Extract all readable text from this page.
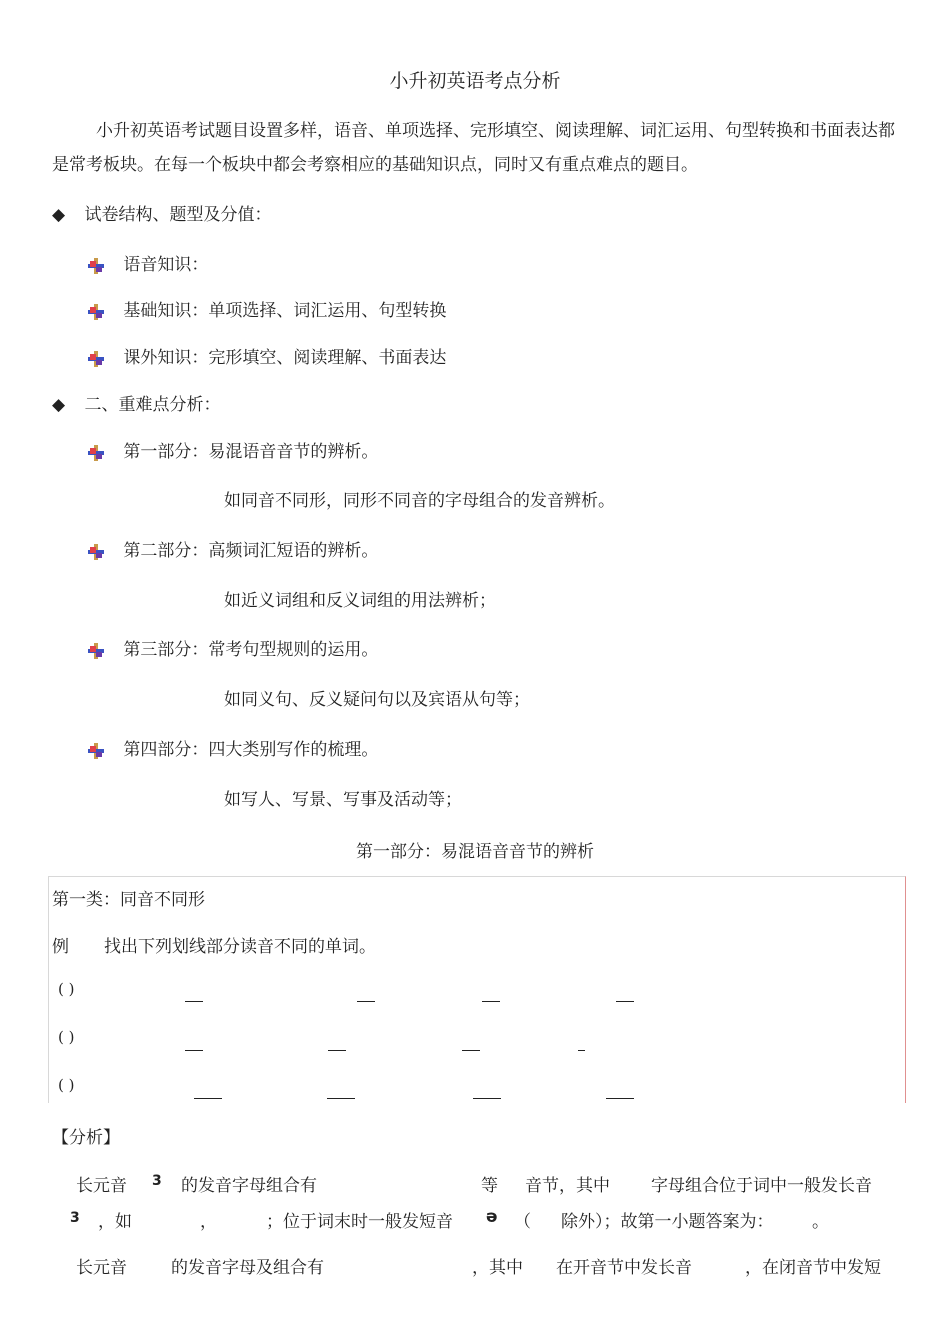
小升初英语考点分析
小升初英语考试题目设置多样，语音、单项选择、完形填空、阅读理解、词汇运用、句型转换和书面表达都是常考板块。在每一个板块中都会考察相应的基础知识点，同时又有重点难点的题目。
◆ 试卷结构、题型及分值：
语音知识：
基础知识：单项选择、词汇运用、句型转换
课外知识：完形填空、阅读理解、书面表达
◆ 二、重难点分析：
第一部分：易混语音音节的辨析。
如同音不同形，同形不同音的字母组合的发音辨析。
第二部分：高频词汇短语的辨析。
如近义词组和反义词组的用法辨析；
第三部分：常考句型规则的运用。
如同义句、反义疑问句以及宾语从句等；
第四部分：四大类别写作的梳理。
如写人、写景、写事及活动等；
第一部分：易混语音音节的辨析
第一类：同音不同形
例 找出下列划线部分读音不同的单词。
( )
( )
( )
【分析】
长元音 3 的发音字母组合有	等 音节，其中 字母组合位于词中一般发长音
3 ，如	，	；位于词末时一般发短音 ə （ 除外）；故第一小题答案为： 。
长元音	的发音字母及组合有	，其中 在开音节中发长音	，在闭音节中发短
